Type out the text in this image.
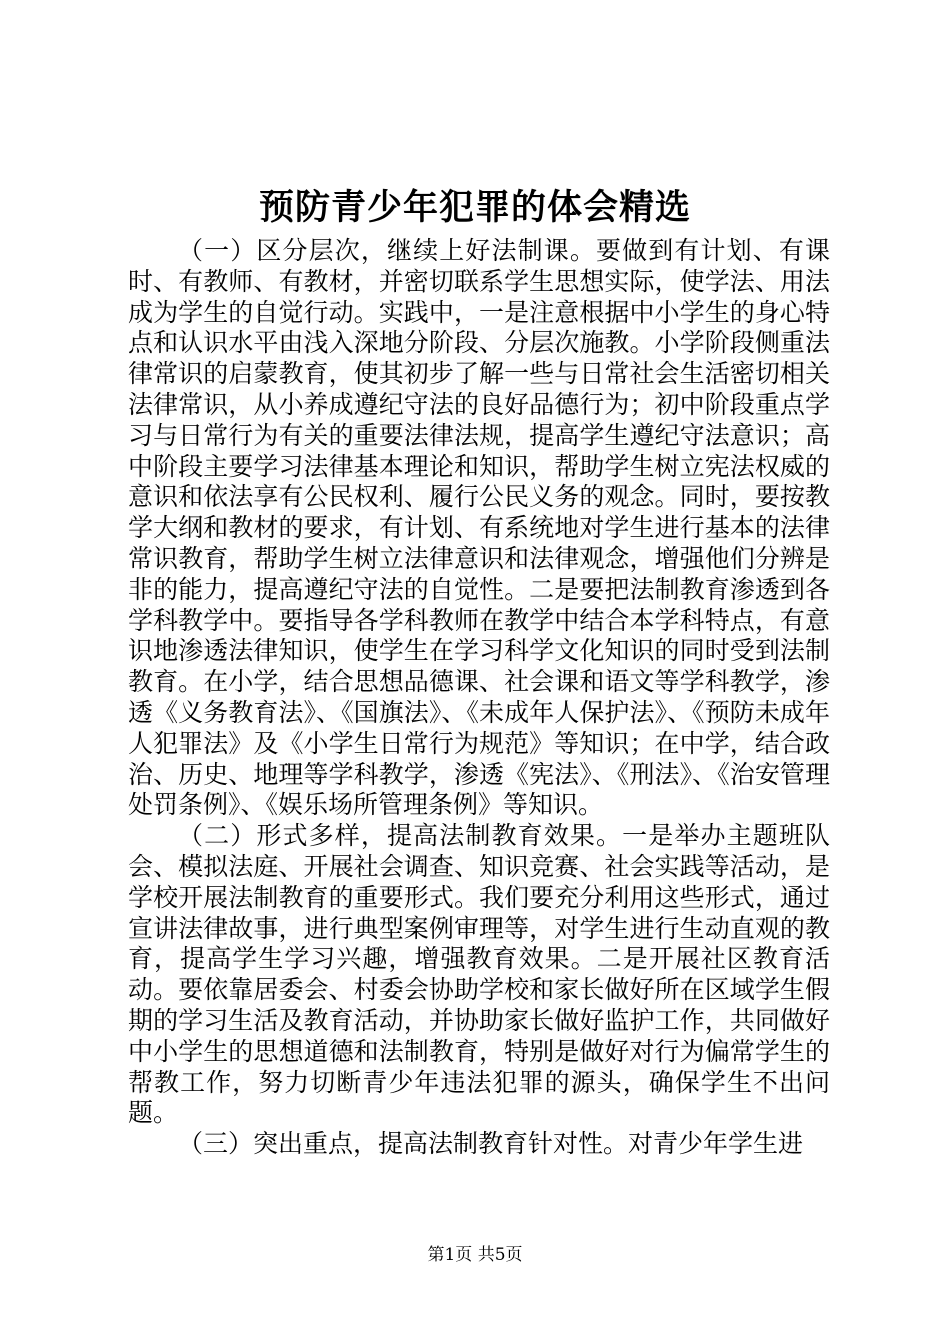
预防青少年犯罪的体会精选

（一）区分层次，继续上好法制课。要做到有计划、有课时、有教师、有教材，并密切联系学生思想实际，使学法、用法成为学生的自觉行动。实践中，一是注意根据中小学生的身心特点和认识水平由浅入深地分阶段、分层次施教。小学阶段侧重法律常识的启蒙教育，使其初步了解一些与日常社会生活密切相关法律常识，从小养成遵纪守法的良好品德行为；初中阶段重点学习与日常行为有关的重要法律法规，提高学生遵纪守法意识；高中阶段主要学习法律基本理论和知识，帮助学生树立宪法权威的意识和依法享有公民权利、履行公民义务的观念。同时，要按教学大纲和教材的要求，有计划、有系统地对学生进行基本的法律常识教育，帮助学生树立法律意识和法律观念，增强他们分辨是非的能力，提高遵纪守法的自觉性。二是要把法制教育渗透到各学科教学中。要指导各学科教师在教学中结合本学科特点，有意识地渗透法律知识，使学生在学习科学文化知识的同时受到法制教育。在小学，结合思想品德课、社会课和语文等学科教学，渗透《义务教育法》、《国旗法》、《未成年人保护法》、《预防未成年人犯罪法》及《小学生日常行为规范》等知识；在中学，结合政治、历史、地理等学科教学，渗透《宪法》、《刑法》、《治安管理处罚条例》、《娱乐场所管理条例》等知识。

（二）形式多样，提高法制教育效果。一是举办主题班队会、模拟法庭、开展社会调查、知识竞赛、社会实践等活动，是学校开展法制教育的重要形式。我们要充分利用这些形式，通过宣讲法律故事，进行典型案例审理等，对学生进行生动直观的教育，提高学生学习兴趣，增强教育效果。二是开展社区教育活动。要依靠居委会、村委会协助学校和家长做好所在区域学生假期的学习生活及教育活动，并协助家长做好监护工作，共同做好中小学生的思想道德和法制教育，特别是做好对行为偏常学生的帮教工作，努力切断青少年违法犯罪的源头，确保学生不出问题。

（三）突出重点，提高法制教育针对性。对青少年学生进

第1页 共5页
